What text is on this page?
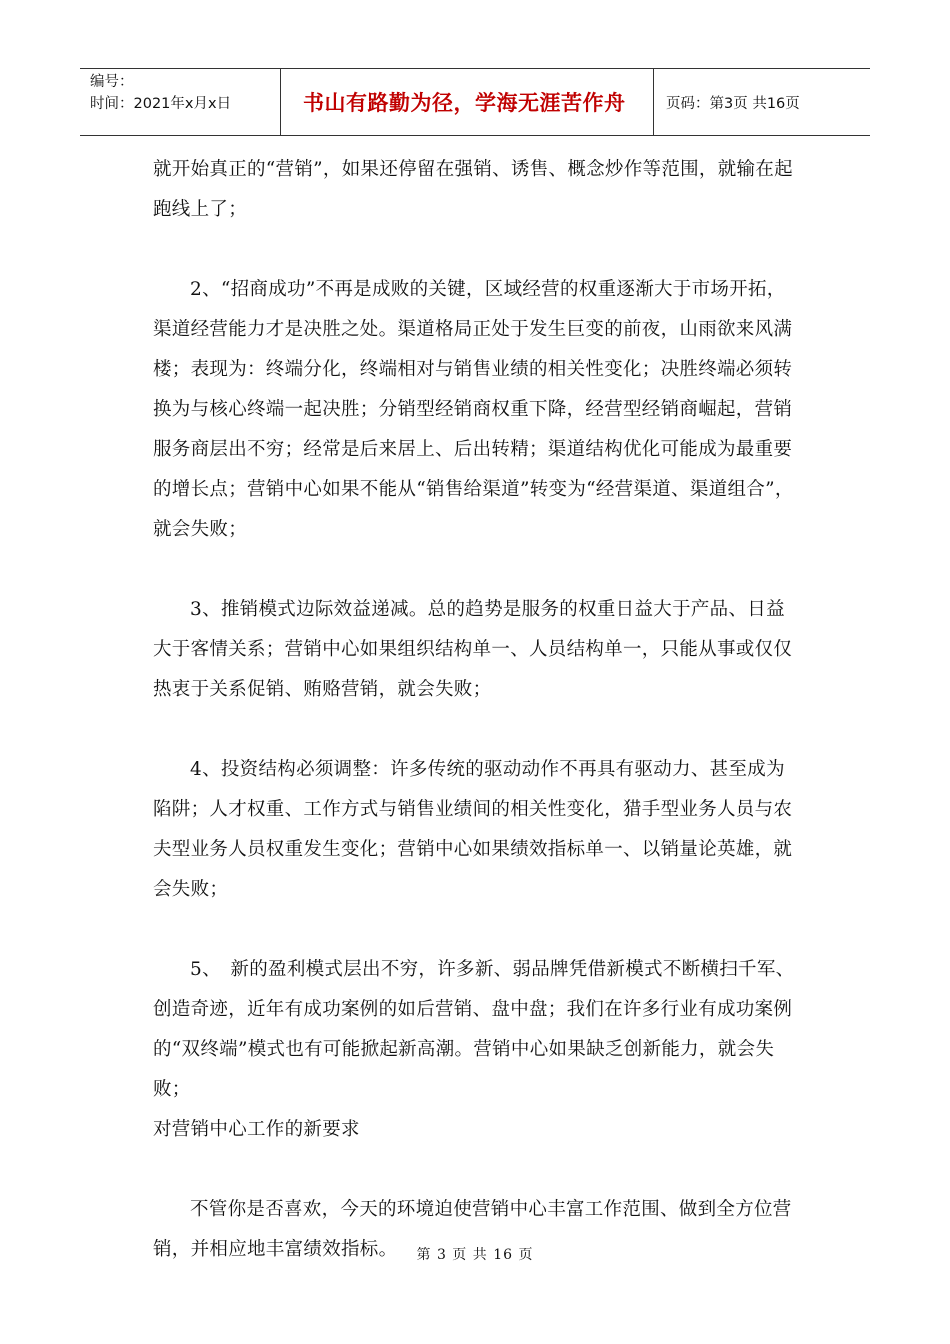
编号：
时间：2021年x月x日	书山有路勤为径，学海无涯苦作舟	页码：第3页 共16页

就开始真正的“营销”，如果还停留在强销、诱售、概念炒作等范围，就输在起跑线上了；

2、“招商成功”不再是成败的关键，区域经营的权重逐渐大于市场开拓，渠道经营能力才是决胜之处。渠道格局正处于发生巨变的前夜，山雨欲来风满楼；表现为：终端分化，终端相对与销售业绩的相关性变化；决胜终端必须转换为与核心终端一起决胜；分销型经销商权重下降，经营型经销商崛起，营销服务商层出不穷；经常是后来居上、后出转精；渠道结构优化可能成为最重要的增长点；营销中心如果不能从“销售给渠道”转变为“经营渠道、渠道组合”，就会失败；

3、推销模式边际效益递减。总的趋势是服务的权重日益大于产品、日益大于客情关系；营销中心如果组织结构单一、人员结构单一，只能从事或仅仅热衷于关系促销、贿赂营销，就会失败；

4、投资结构必须调整：许多传统的驱动动作不再具有驱动力、甚至成为陷阱；人才权重、工作方式与销售业绩间的相关性变化，猎手型业务人员与农夫型业务人员权重发生变化；营销中心如果绩效指标单一、以销量论英雄，就会失败；

5、　新的盈利模式层出不穷，许多新、弱品牌凭借新模式不断横扫千军、创造奇迹，近年有成功案例的如后营销、盘中盘；我们在许多行业有成功案例的“双终端”模式也有可能掀起新高潮。营销中心如果缺乏创新能力，就会失败；

对营销中心工作的新要求

不管你是否喜欢，今天的环境迫使营销中心丰富工作范围、做到全方位营销，并相应地丰富绩效指标。	第 3 页 共 16 页
